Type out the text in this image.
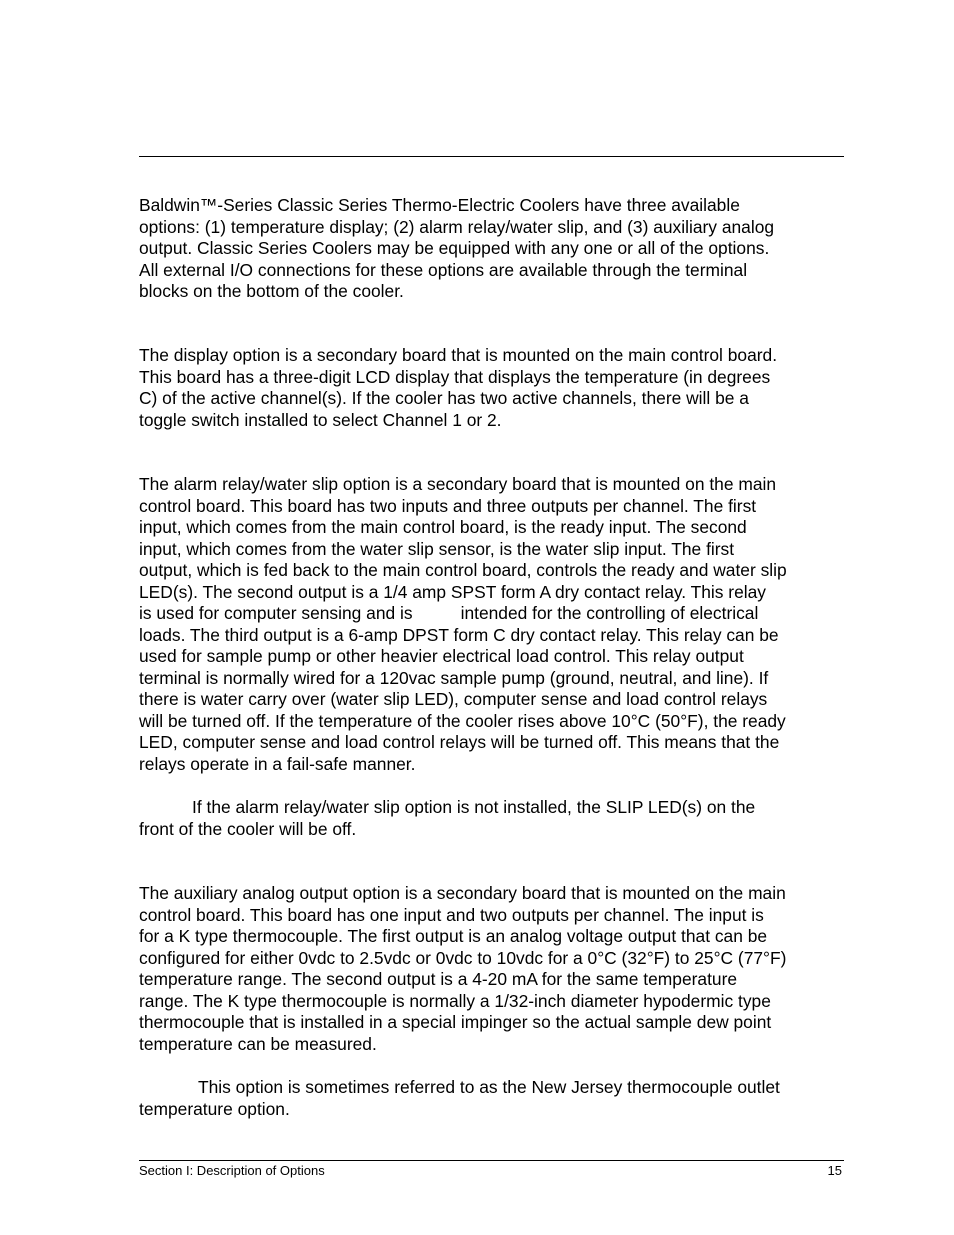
Baldwin™-Series Classic Series Thermo-Electric Coolers have three available
options: (1) temperature display; (2) alarm relay/water slip, and (3) auxiliary analog
output. Classic Series Coolers may be equipped with any one or all of the options.
All external I/O connections for these options are available through the terminal
blocks on the bottom of the cooler.
The display option is a secondary board that is mounted on the main control board.
This board has a three-digit LCD display that displays the temperature (in degrees
C) of the active channel(s). If the cooler has two active channels, there will be a
toggle switch installed to select Channel 1 or 2.
The alarm relay/water slip option is a secondary board that is mounted on the main
control board. This board has two inputs and three outputs per channel. The first
input, which comes from the main control board, is the ready input. The second
input, which comes from the water slip sensor, is the water slip input. The first
output, which is fed back to the main control board, controls the ready and water slip
LED(s). The second output is a 1/4 amp SPST form A dry contact relay. This relay
is used for computer sensing and is	intended for the controlling of electrical
loads. The third output is a 6-amp DPST form C dry contact relay. This relay can be
used for sample pump or other heavier electrical load control. This relay output
terminal is normally wired for a 120vac sample pump (ground, neutral, and line). If
there is water carry over (water slip LED), computer sense and load control relays
will be turned off. If the temperature of the cooler rises above 10°C (50°F), the ready
LED, computer sense and load control relays will be turned off. This means that the
relays operate in a fail-safe manner.
If the alarm relay/water slip option is not installed, the SLIP LED(s) on the
front of the cooler will be off.
The auxiliary analog output option is a secondary board that is mounted on the main
control board. This board has one input and two outputs per channel. The input is
for a K type thermocouple. The first output is an analog voltage output that can be
configured for either 0vdc to 2.5vdc or 0vdc to 10vdc for a 0°C (32°F) to 25°C (77°F)
temperature range. The second output is a 4-20 mA for the same temperature
range. The K type thermocouple is normally a 1/32-inch diameter hypodermic type
thermocouple that is installed in a special impinger so the actual sample dew point
temperature can be measured.
This option is sometimes referred to as the New Jersey thermocouple outlet
temperature option.
Section I: Description of Options	15
